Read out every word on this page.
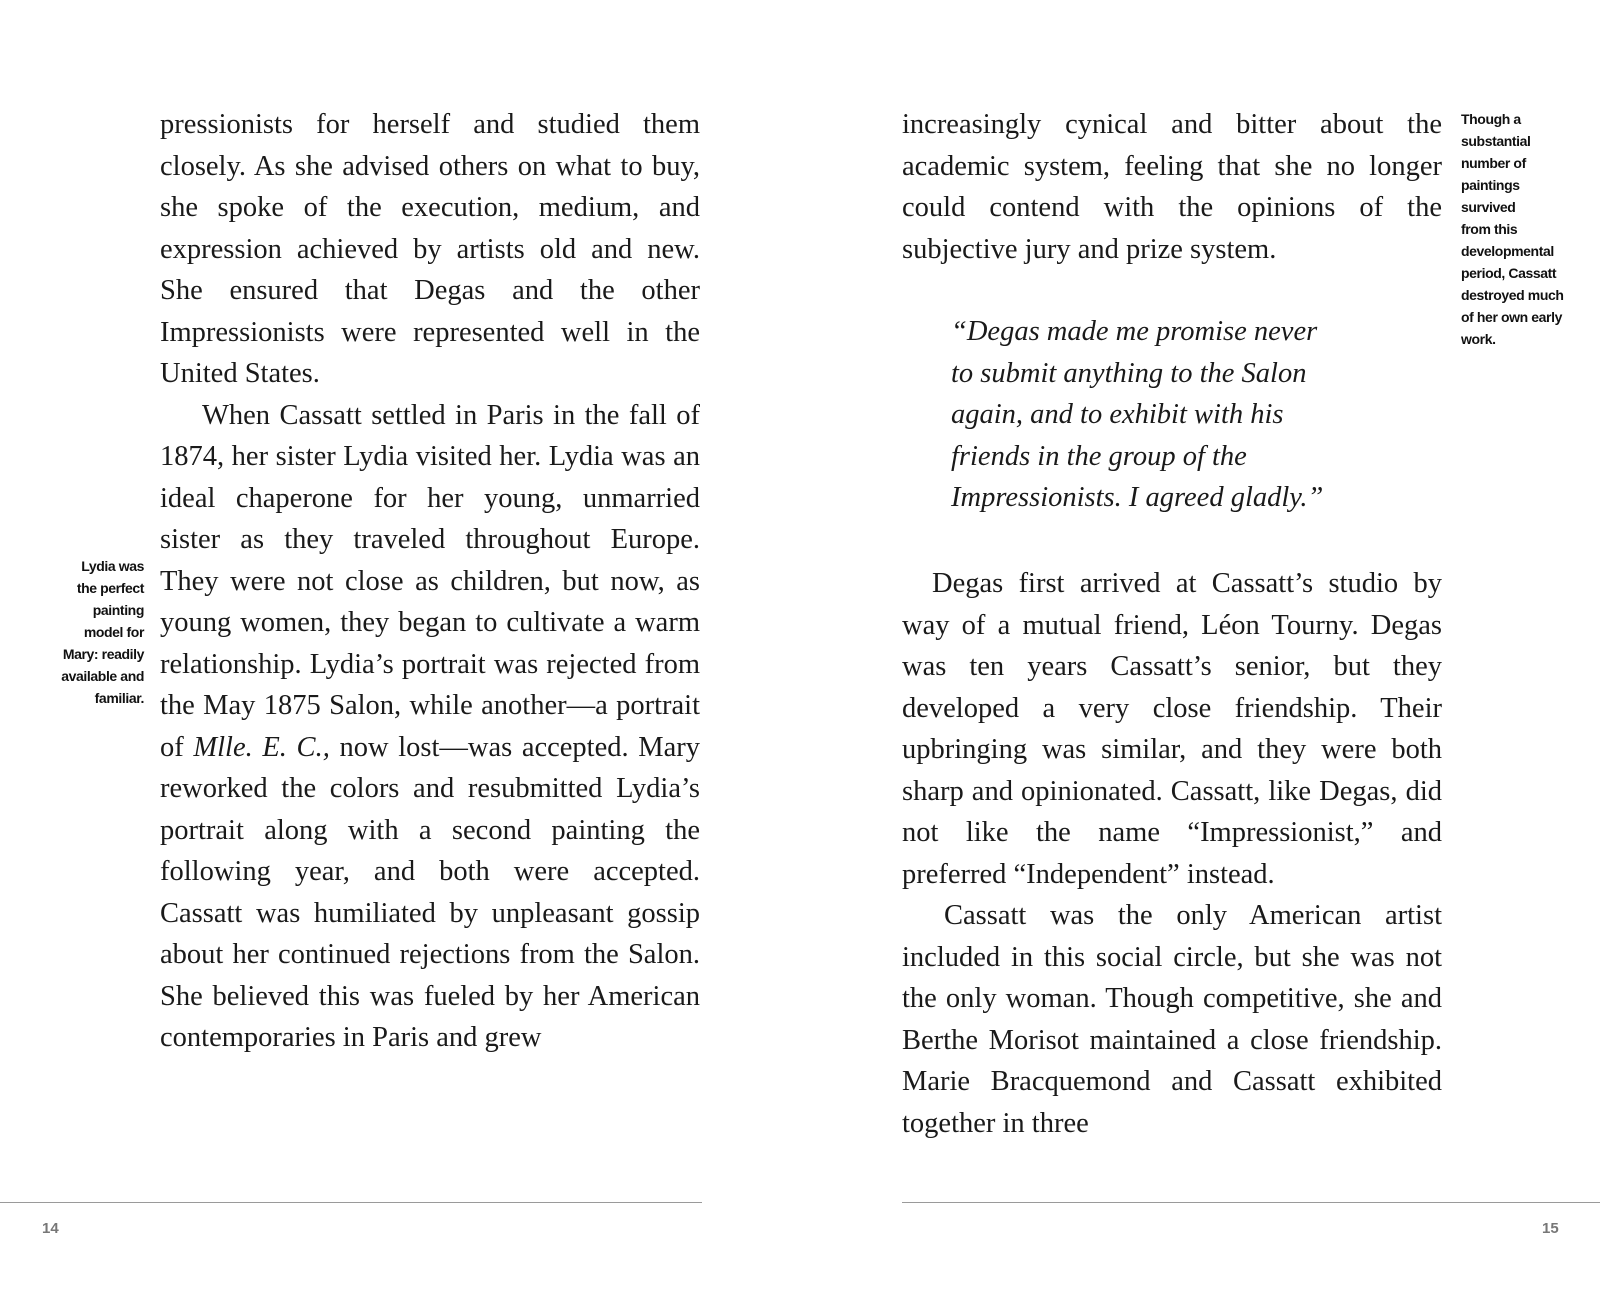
Lydia was
the perfect
painting
model for
Mary: readily
available and
familiar.

pressionists for herself and studied them closely. As she advised others on what to buy, she spoke of the execution, medium, and expression achieved by artists old and new. She ensured that Degas and the other Impressionists were represented well in the United States.

When Cassatt settled in Paris in the fall of 1874, her sister Lydia visited her. Lydia was an ideal chaperone for her young, unmarried sister as they traveled throughout Europe. They were not close as children, but now, as young women, they began to cultivate a warm relationship. Lydia’s portrait was rejected from the May 1875 Salon, while another—a portrait of Mlle. E. C., now lost—was accepted. Mary reworked the colors and resubmitted Lydia’s portrait along with a second painting the following year, and both were accepted. Cassatt was humiliated by unpleasant gossip about her continued rejections from the Salon. She believed this was fueled by her American contemporaries in Paris and grew

14

increasingly cynical and bitter about the academic system, feeling that she no longer could contend with the opinions of the subjective jury and prize system.

“Degas made me promise never
to submit anything to the Salon
again, and to exhibit with his
friends in the group of the
Impressionists. I agreed gladly.”

Degas first arrived at Cassatt’s studio by way of a mutual friend, Léon Tourny. Degas was ten years Cassatt’s senior, but they developed a very close friendship. Their upbringing was similar, and they were both sharp and opinionated. Cassatt, like Degas, did not like the name “Impressionist,” and preferred “Independent” instead.

Cassatt was the only American artist included in this social circle, but she was not the only woman. Though competitive, she and Berthe Morisot maintained a close friendship. Marie Bracquemond and Cassatt exhibited together in three

Though a
substantial
number of
paintings
survived
from this
developmental
period, Cassatt
destroyed much
of her own early
work.
15
